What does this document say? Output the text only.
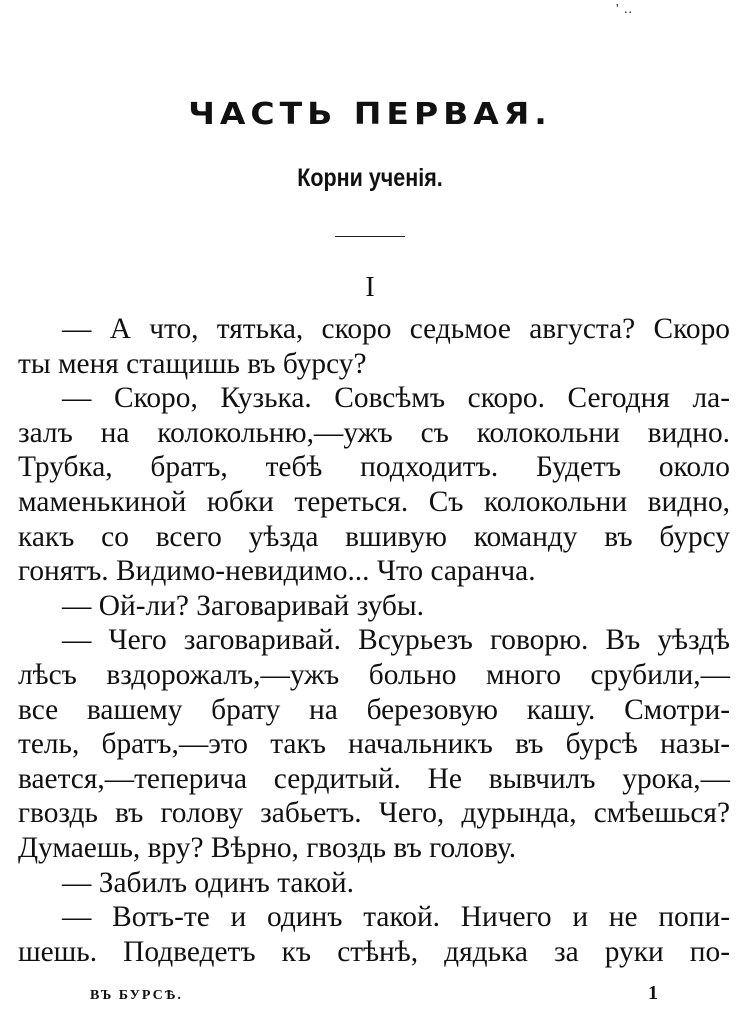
' ..
ЧАСТЬ ПЕРВАЯ.
Корни ученія.
I
— А что, тятька, скоро седьмое августа? Скоро
ты меня стащишь въ бурсу?
— Скоро, Кузька. Совсѣмъ скоро. Сегодня ла-
залъ на колокольню,—ужъ съ колокольни видно.
Трубка, братъ, тебѣ подходитъ. Будетъ около
маменькиной юбки тереться. Съ колокольни видно,
какъ со всего уѣзда вшивую команду въ бурсу
гонятъ. Видимо-невидимо... Что саранча.
— Ой-ли? Заговаривай зубы.
— Чего заговаривай. Всурьезъ говорю. Въ уѣздѣ
лѣсъ вздорожалъ,—ужъ больно много срубили,—
все вашему брату на березовую кашу. Смотри-
тель, братъ,—это такъ начальникъ въ бурсѣ назы-
вается,—теперича сердитый. Не вывчилъ урока,—
гвоздь въ голову забьетъ. Чего, дурында, смѣешься?
Думаешь, вру? Вѣрно, гвоздь въ голову.
— Забилъ одинъ такой.
— Вотъ-те и одинъ такой. Ничего и не попи-
шешь. Подведетъ къ стѣнѣ, дядька за руки по-
ВЪ БУРСѢ.	1
